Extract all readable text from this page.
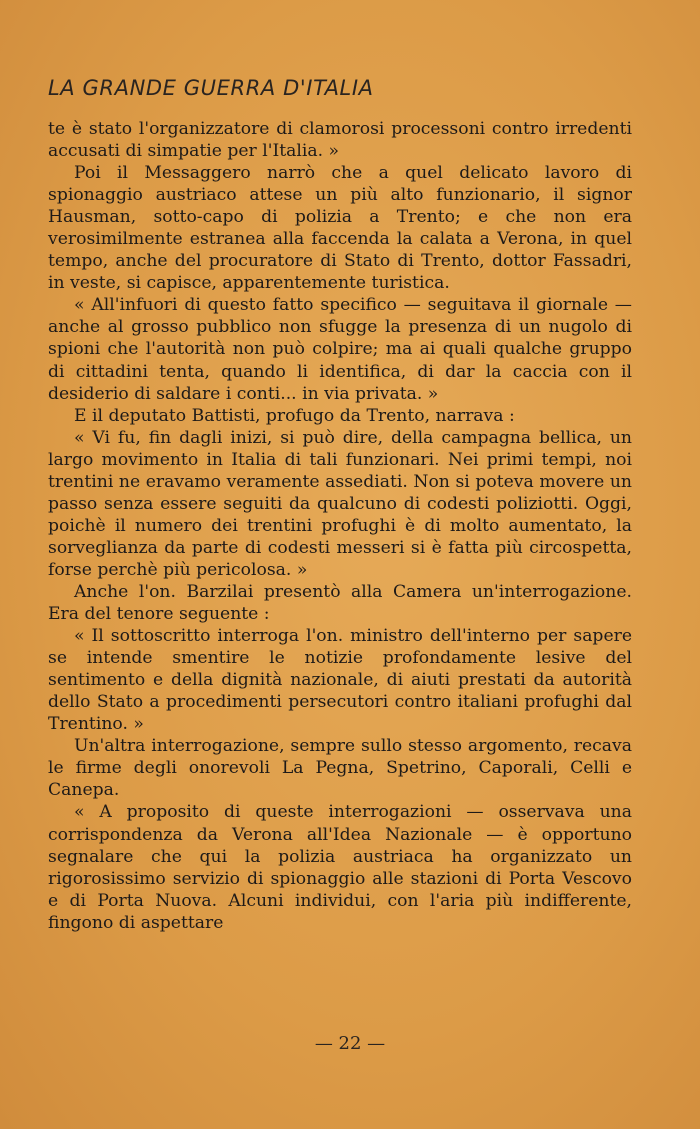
LA GRANDE GUERRA D'ITALIA

te è stato l'organizzatore di clamorosi processoni contro irredenti accusati di simpatie per l'Italia. »

Poi il Messaggero narrò che a quel delicato lavoro di spionaggio austriaco attese un più alto funzionario, il signor Hausman, sotto-capo di polizia a Trento; e che non era verosimilmente estranea alla faccenda la calata a Verona, in quel tempo, anche del procuratore di Stato di Trento, dottor Fassadri, in veste, si capisce, apparentemente turistica.

« All'infuori di questo fatto specifico — seguitava il giornale — anche al grosso pubblico non sfugge la presenza di un nugolo di spioni che l'autorità non può colpire; ma ai quali qualche gruppo di cittadini tenta, quando li identifica, di dar la caccia con il desiderio di saldare i conti... in via privata. »

E il deputato Battisti, profugo da Trento, narrava :

« Vi fu, fin dagli inizi, si può dire, della campagna bellica, un largo movimento in Italia di tali funzionari. Nei primi tempi, noi trentini ne eravamo veramente assediati. Non si poteva movere un passo senza essere seguiti da qualcuno di codesti poliziotti. Oggi, poichè il numero dei trentini profughi è di molto aumentato, la sorveglianza da parte di codesti messeri si è fatta più circospetta, forse perchè più pericolosa. »

Anche l'on. Barzilai presentò alla Camera un'interrogazione. Era del tenore seguente :

« Il sottoscritto interroga l'on. ministro dell'interno per sapere se intende smentire le notizie profondamente lesive del sentimento e della dignità nazionale, di aiuti prestati da autorità dello Stato a procedimenti persecutori contro italiani profughi dal Trentino. »

Un'altra interrogazione, sempre sullo stesso argomento, recava le firme degli onorevoli La Pegna, Spetrino, Caporali, Celli e Canepa.

« A proposito di queste interrogazioni — osservava una corrispondenza da Verona all'Idea Nazionale — è opportuno segnalare che qui la polizia austriaca ha organizzato un rigorosissimo servizio di spionaggio alle stazioni di Porta Vescovo e di Porta Nuova. Alcuni individui, con l'aria più indifferente, fingono di aspettare

— 22 —
